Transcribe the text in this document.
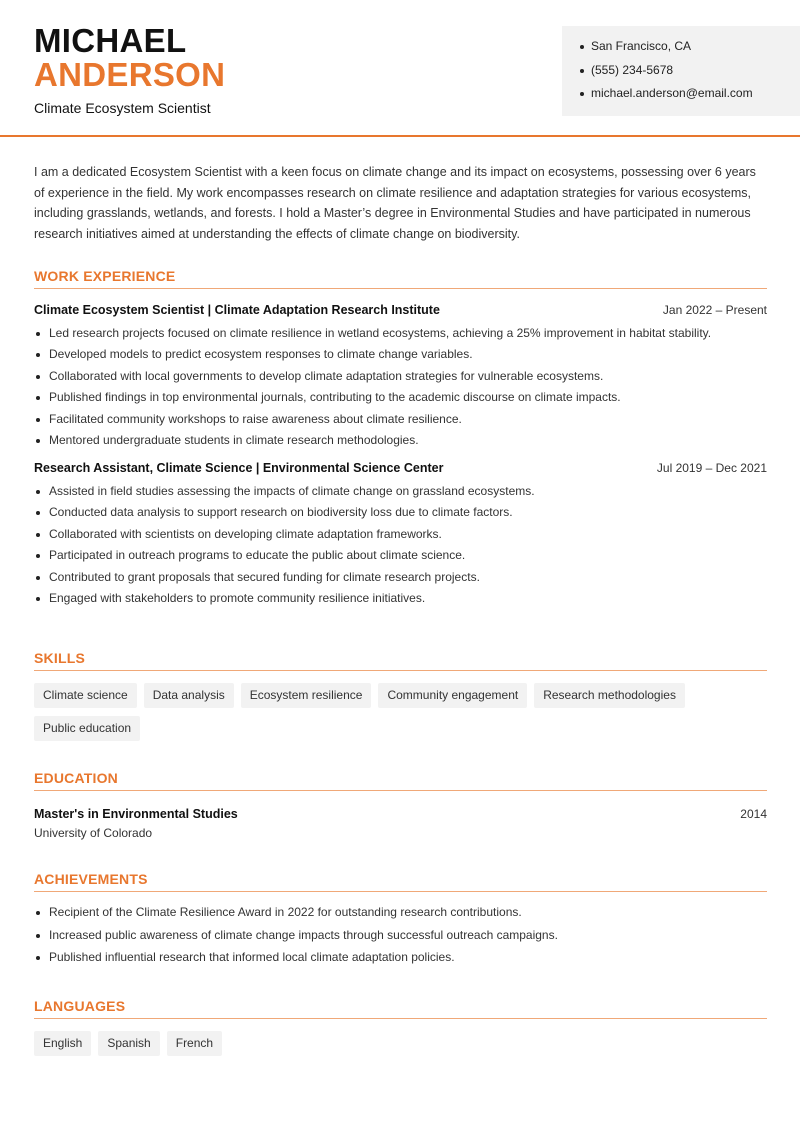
MICHAEL
ANDERSON
Climate Ecosystem Scientist
San Francisco, CA
(555) 234-5678
michael.anderson@email.com

I am a dedicated Ecosystem Scientist with a keen focus on climate change and its impact on ecosystems, possessing over 6 years of experience in the field. My work encompasses research on climate resilience and adaptation strategies for various ecosystems, including grasslands, wetlands, and forests. I hold a Master’s degree in Environmental Studies and have participated in numerous research initiatives aimed at understanding the effects of climate change on biodiversity.

WORK EXPERIENCE
Climate Ecosystem Scientist | Climate Adaptation Research Institute	Jan 2022 – Present
Led research projects focused on climate resilience in wetland ecosystems, achieving a 25% improvement in habitat stability.
Developed models to predict ecosystem responses to climate change variables.
Collaborated with local governments to develop climate adaptation strategies for vulnerable ecosystems.
Published findings in top environmental journals, contributing to the academic discourse on climate impacts.
Facilitated community workshops to raise awareness about climate resilience.
Mentored undergraduate students in climate research methodologies.
Research Assistant, Climate Science | Environmental Science Center	Jul 2019 – Dec 2021
Assisted in field studies assessing the impacts of climate change on grassland ecosystems.
Conducted data analysis to support research on biodiversity loss due to climate factors.
Collaborated with scientists on developing climate adaptation frameworks.
Participated in outreach programs to educate the public about climate science.
Contributed to grant proposals that secured funding for climate research projects.
Engaged with stakeholders to promote community resilience initiatives.
SKILLS
Climate science	Data analysis	Ecosystem resilience	Community engagement	Research methodologies
Public education
EDUCATION
Master's in Environmental Studies	2014
University of Colorado
ACHIEVEMENTS
Recipient of the Climate Resilience Award in 2022 for outstanding research contributions.
Increased public awareness of climate change impacts through successful outreach campaigns.
Published influential research that informed local climate adaptation policies.
LANGUAGES
English	Spanish	French
